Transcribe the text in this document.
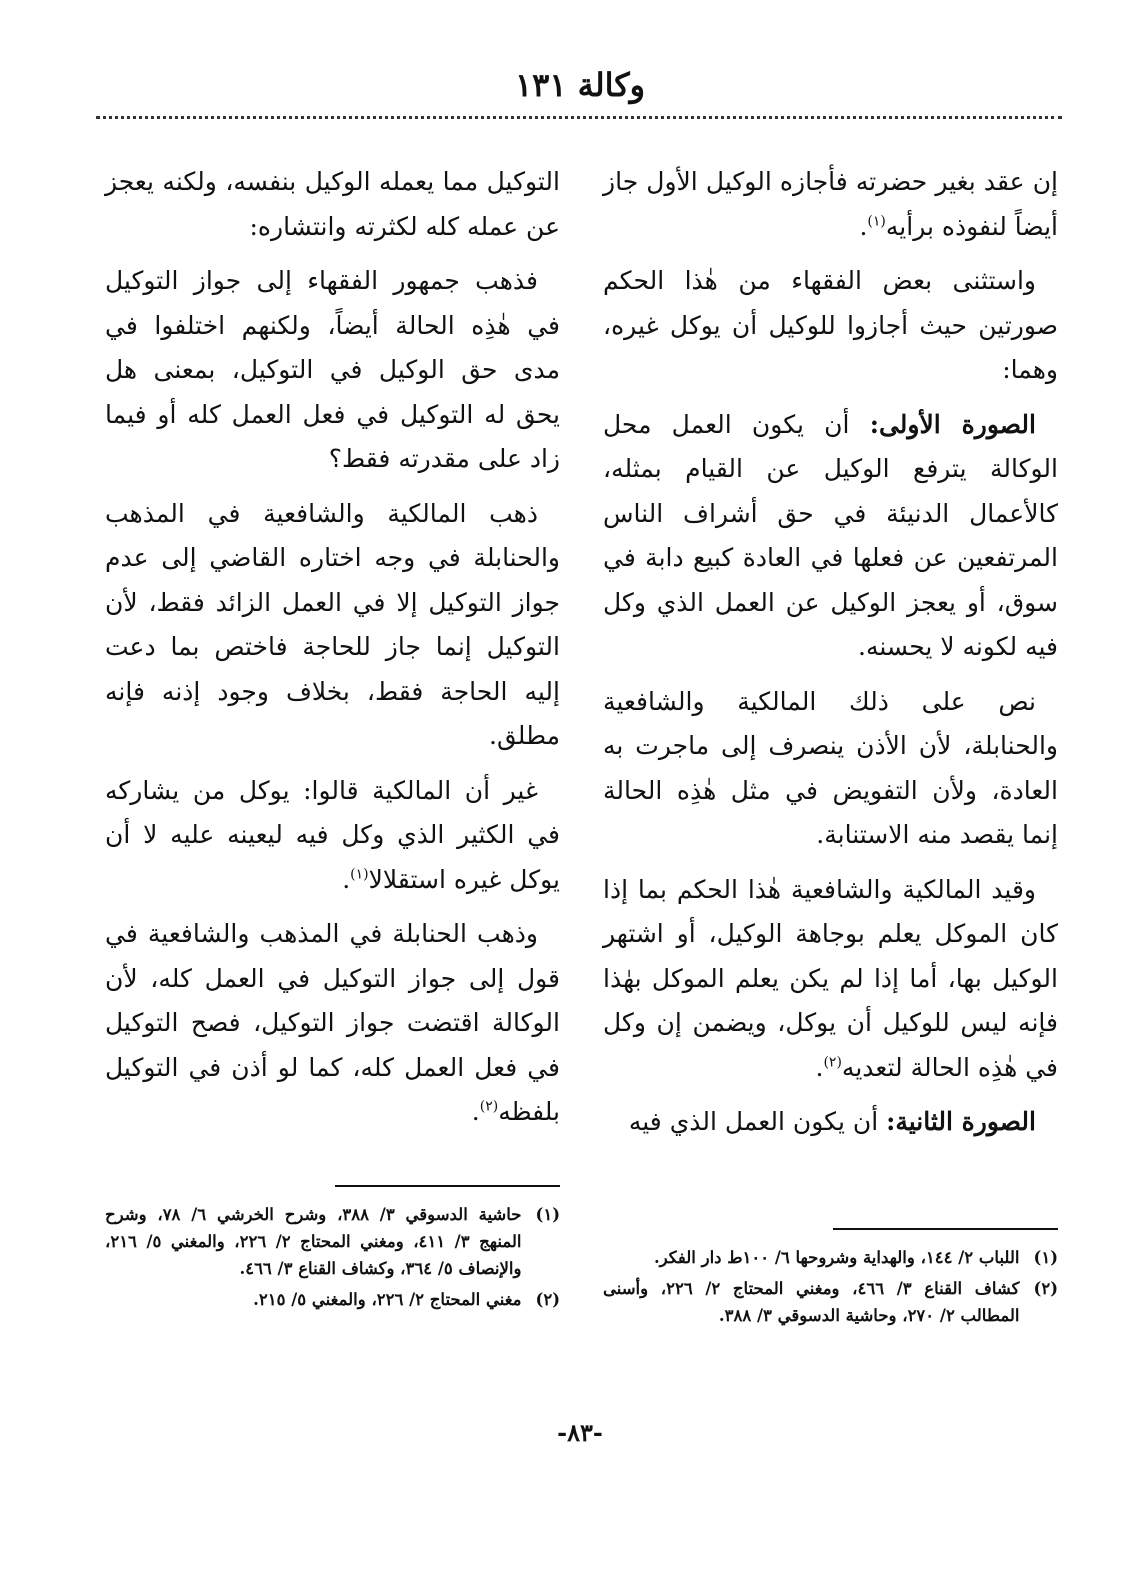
وكالة ١٣١

إن عقد بغير حضرته فأجازه الوكيل الأول جاز أيضاً لنفوذه برأيه$^{(١)}$.

واستثنى بعض الفقهاء من هٰذا الحكم صورتين حيث أجازوا للوكيل أن يوكل غيره، وهما:

الصورة الأولى: أن يكون العمل محل الوكالة يترفع الوكيل عن القيام بمثله، كالأعمال الدنيئة في حق أشراف الناس المرتفعين عن فعلها في العادة كبيع دابة في سوق، أو يعجز الوكيل عن العمل الذي وكل فيه لكونه لا يحسنه.

نص على ذلك المالكية والشافعية والحنابلة، لأن الأذن ينصرف إلى ماجرت به العادة، ولأن التفويض في مثل هٰذِه الحالة إنما يقصد منه الاستنابة.

وقيد المالكية والشافعية هٰذا الحكم بما إذا كان الموكل يعلم بوجاهة الوكيل، أو اشتهر الوكيل بها، أما إذا لم يكن يعلم الموكل بهٰذا فإنه ليس للوكيل أن يوكل، ويضمن إن وكل في هٰذِه الحالة لتعديه$^{(٢)}$.

الصورة الثانية: أن يكون العمل الذي فيه

التوكيل مما يعمله الوكيل بنفسه، ولكنه يعجز عن عمله كله لكثرته وانتشاره:

فذهب جمهور الفقهاء إلى جواز التوكيل في هٰذِه الحالة أيضاً، ولكنهم اختلفوا في مدى حق الوكيل في التوكيل، بمعنى هل يحق له التوكيل في فعل العمل كله أو فيما زاد على مقدرته فقط؟

ذهب المالكية والشافعية في المذهب والحنابلة في وجه اختاره القاضي إلى عدم جواز التوكيل إلا في العمل الزائد فقط، لأن التوكيل إنما جاز للحاجة فاختص بما دعت إليه الحاجة فقط، بخلاف وجود إذنه فإنه مطلق.

غير أن المالكية قالوا: يوكل من يشاركه في الكثير الذي وكل فيه ليعينه عليه لا أن يوكل غيره استقلالا$^{(١)}$.

وذهب الحنابلة في المذهب والشافعية في قول إلى جواز التوكيل في العمل كله، لأن الوكالة اقتضت جواز التوكيل، فصح التوكيل في فعل العمل كله، كما لو أذن في التوكيل بلفظه$^{(٢)}$.

(١)
اللباب ٢/ ١٤٤، والهداية وشروحها ٦/ ١٠٠ط دار الفكر.
(٢)
كشاف القناع ٣/ ٤٦٦، ومغني المحتاج ٢/ ٢٢٦، وأسنى المطالب ٢/ ٢٧٠، وحاشية الدسوقي ٣/ ٣٨٨.
(١)
حاشية الدسوقي ٣/ ٣٨٨، وشرح الخرشي ٦/ ٧٨، وشرح المنهج ٣/ ٤١١، ومغني المحتاج ٢/ ٢٢٦، والمغني ٥/ ٢١٦، والإنصاف ٥/ ٣٦٤، وكشاف القناع ٣/ ٤٦٦.
(٢)
مغني المحتاج ٢/ ٢٢٦، والمغني ٥/ ٢١٥.
-٨٣-
